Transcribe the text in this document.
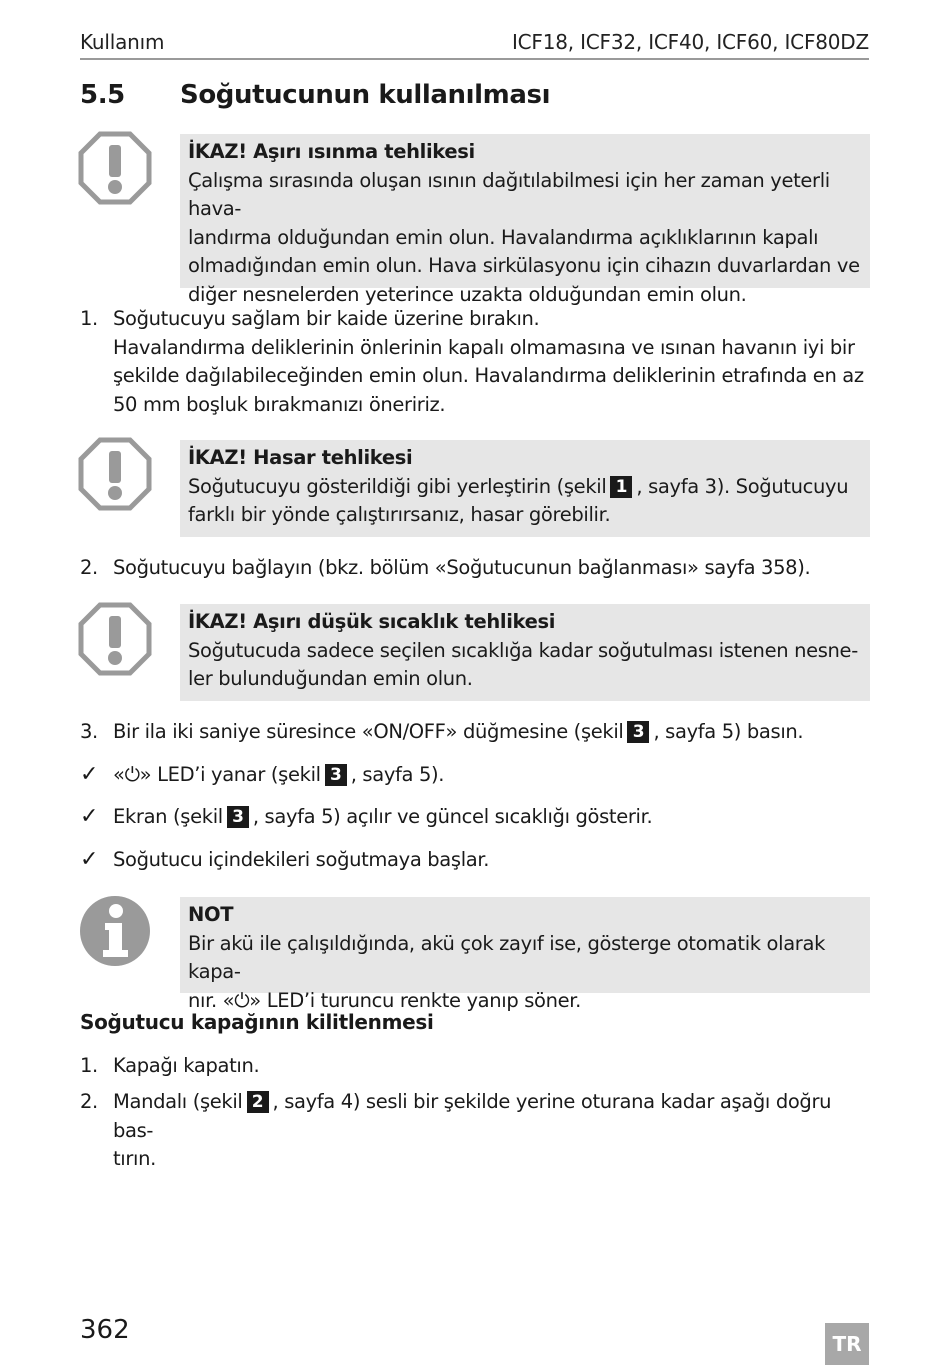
Kullanım	ICF18, ICF32, ICF40, ICF60, ICF80DZ
5.5 Soğutucunun kullanılması
İKAZ! Aşırı ısınma tehlikesi
Çalışma sırasında oluşan ısının dağıtılabilmesi için her zaman yeterli hava-
landırma olduğundan emin olun. Havalandırma açıklıklarının kapalı
olmadığından emin olun. Hava sirkülasyonu için cihazın duvarlardan ve
diğer nesnelerden yeterince uzakta olduğundan emin olun.
1. Soğutucuyu sağlam bir kaide üzerine bırakın.
Havalandırma deliklerinin önlerinin kapalı olmamasına ve ısınan havanın iyi bir
şekilde dağılabileceğinden emin olun. Havalandırma deliklerinin etrafında en az
50 mm boşluk bırakmanızı öneririz.
İKAZ! Hasar tehlikesi
Soğutucuyu gösterildiği gibi yerleştirin (şekil 1 , sayfa 3). Soğutucuyu
farklı bir yönde çalıştırırsanız, hasar görebilir.
2. Soğutucuyu bağlayın (bkz. bölüm «Soğutucunun bağlanması» sayfa 358).
İKAZ! Aşırı düşük sıcaklık tehlikesi
Soğutucuda sadece seçilen sıcaklığa kadar soğutulması istenen nesne-
ler bulunduğundan emin olun.
3. Bir ila iki saniye süresince «ON/OFF» düğmesine (şekil 3 , sayfa 5) basın.
✓ «⏻» LED’i yanar (şekil 3 , sayfa 5).
✓ Ekran (şekil 3 , sayfa 5) açılır ve güncel sıcaklığı gösterir.
✓ Soğutucu içindekileri soğutmaya başlar.
NOT
Bir akü ile çalışıldığında, akü çok zayıf ise, gösterge otomatik olarak kapa-
nır. «⏻» LED’i turuncu renkte yanıp söner.
Soğutucu kapağının kilitlenmesi
1. Kapağı kapatın.
2. Mandalı (şekil 2 , sayfa 4) sesli bir şekilde yerine oturana kadar aşağı doğru bas-
tırın.
362	TR
